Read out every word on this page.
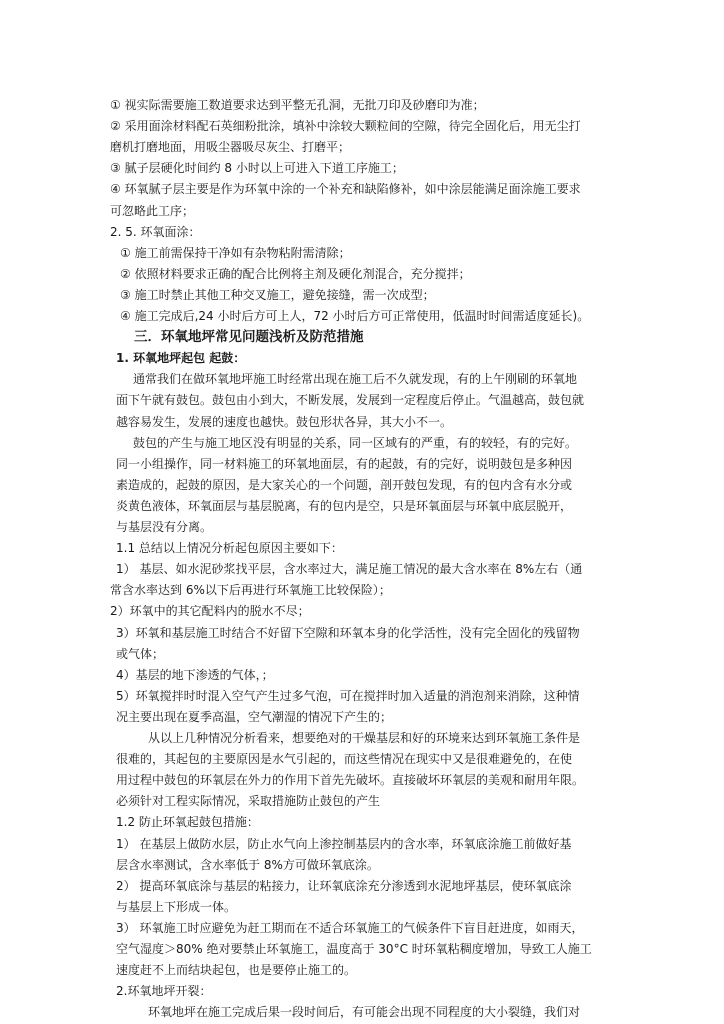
① 视实际需要施工数道要求达到平整无孔洞，无批刀印及砂磨印为准；
② 采用面涂材料配石英细粉批涂，填补中涂较大颗粒间的空隙，待完全固化后，用无尘打
磨机打磨地面，用吸尘器吸尽灰尘、打磨平；
③ 腻子层硬化时间约 8 小时以上可进入下道工序施工；
④ 环氧腻子层主要是作为环氧中涂的一个补充和缺陷修补，如中涂层能满足面涂施工要求
可忽略此工序；
2. 5. 环氧面涂：
① 施工前需保持干净如有杂物粘附需清除；
② 依照材料要求正确的配合比例将主剂及硬化剂混合，充分搅拌；
③ 施工时禁止其他工种交叉施工，避免接缝，需一次成型；
④ 施工完成后,24 小时后方可上人，72 小时后方可正常使用，低温时时间需适度延长)。
三．环氧地坪常见问题浅析及防范措施
1. 环氧地坪起包 起鼓：
通常我们在做环氧地坪施工时经常出现在施工后不久就发现，有的上午刚刷的环氧地
面下午就有鼓包。鼓包由小到大，不断发展，发展到一定程度后停止。气温越高，鼓包就
越容易发生，发展的速度也越快。鼓包形状各异，其大小不一。
鼓包的产生与施工地区没有明显的关系，同一区域有的严重，有的较轻，有的完好。
同一小组操作，同一材料施工的环氧地面层，有的起鼓，有的完好，说明鼓包是多种因
素造成的，起鼓的原因，是大家关心的一个问题，剖开鼓包发现，有的包内含有水分或
炎黄色液体，环氧面层与基层脱离，有的包内是空，只是环氧面层与环氧中底层脱开，
与基层没有分离。
1.1 总结以上情况分析起包原因主要如下：
1） 基层、如水泥砂浆找平层，含水率过大，满足施工情况的最大含水率在 8%左右（通
常含水率达到 6%以下后再进行环氧施工比较保险）；
2）环氧中的其它配料内的脱水不尽；
3）环氧和基层施工时结合不好留下空隙和环氧本身的化学活性，没有完全固化的残留物
或气体；
4）基层的地下渗透的气体，；
5）环氧搅拌时时混入空气产生过多气泡，可在搅拌时加入适量的消泡剂来消除，这种情
况主要出现在夏季高温，空气潮湿的情况下产生的；
从以上几种情况分析看来，想要绝对的干燥基层和好的环境来达到环氧施工条件是
很难的，其起包的主要原因是水气引起的，而这些情况在现实中又是很难避免的，在使
用过程中鼓包的环氧层在外力的作用下首先先破坏。直接破坏环氧层的美观和耐用年限。
必须针对工程实际情况，采取措施防止鼓包的产生
1.2 防止环氧起鼓包措施：
1） 在基层上做防水层，防止水气向上渗控制基层内的含水率，环氧底涂施工前做好基
层含水率测试，含水率低于 8%方可做环氧底涂。
2） 提高环氧底涂与基层的粘接力，让环氧底涂充分渗透到水泥地坪基层，使环氧底涂
与基层上下形成一体。
3） 环氧施工时应避免为赶工期而在不适合环氧施工的气候条件下盲目赶进度，如雨天，
空气湿度＞80% 绝对要禁止环氧施工，温度高于 30°C 时环氧粘稠度增加，导致工人施工
速度赶不上而结块起包，也是要停止施工的。
2.环氧地坪开裂：
环氧地坪在施工完成后果一段时间后，有可能会出现不同程度的大小裂缝，我们对
